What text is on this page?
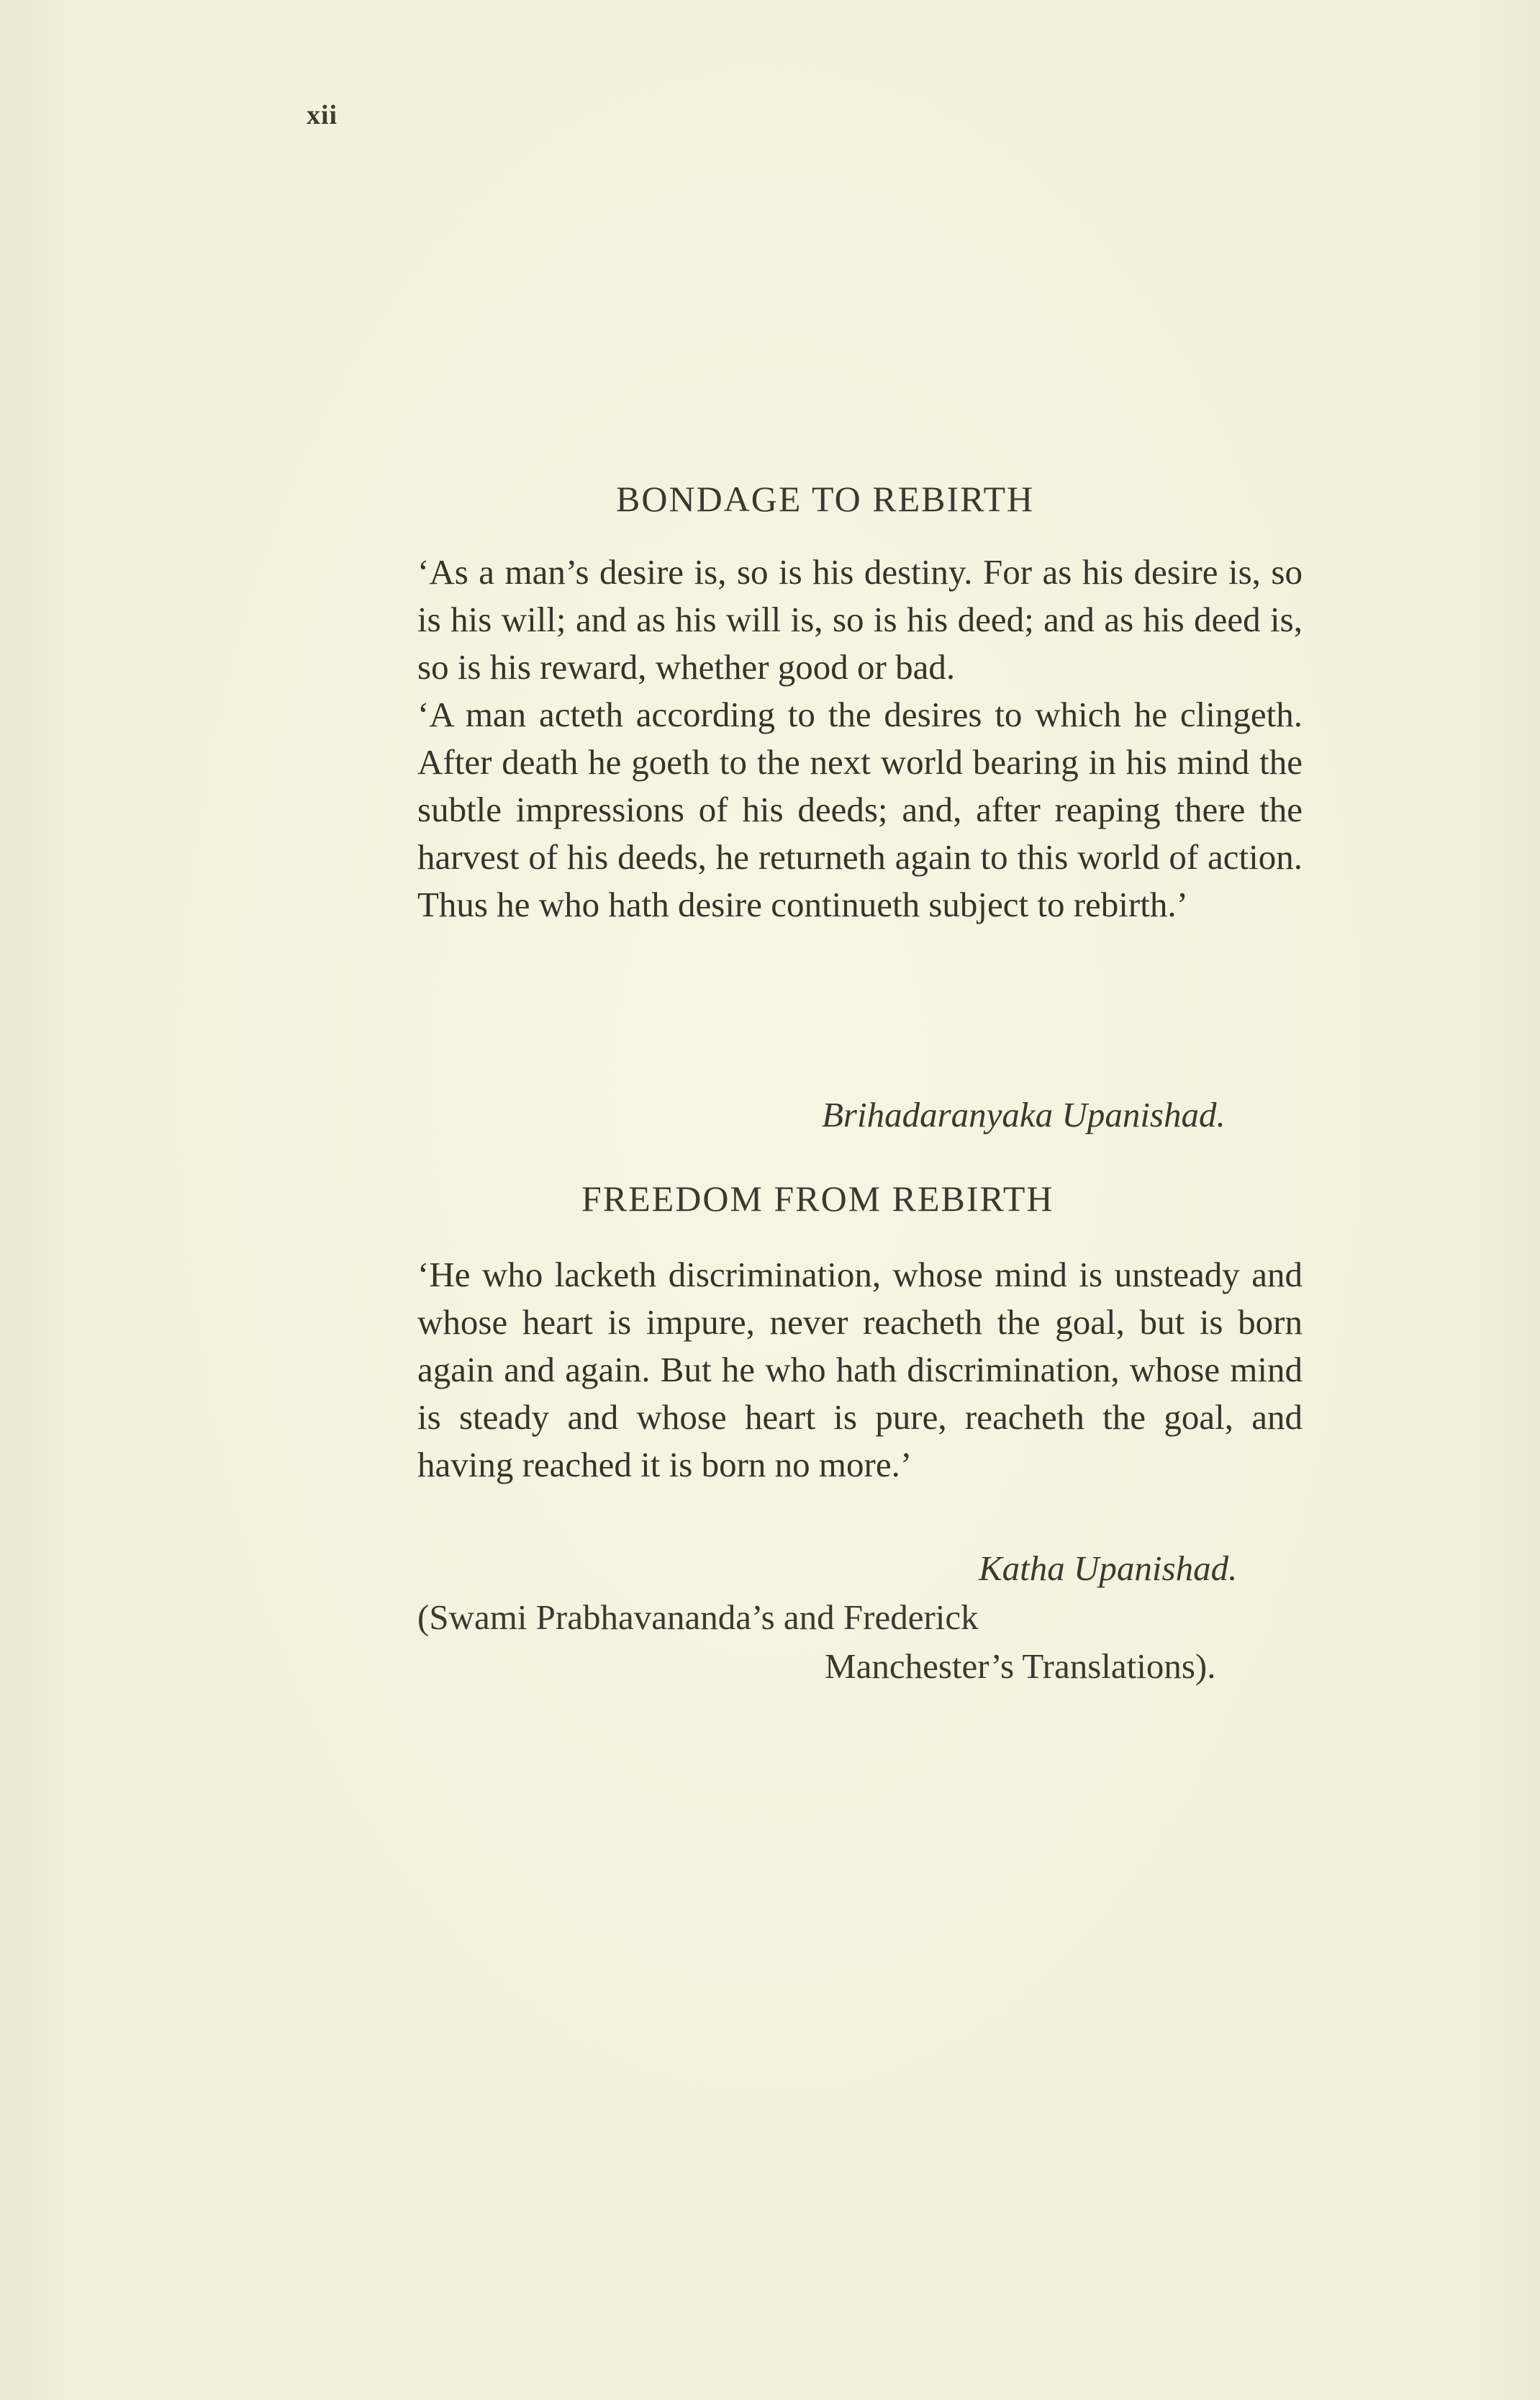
xii
BONDAGE TO REBIRTH

‘As a man’s desire is, so is his destiny. For as his desire is, so is his will; and as his will is, so is his deed; and as his deed is, so is his reward, whether good or bad.

‘A man acteth according to the desires to which he clingeth. After death he goeth to the next world bearing in his mind the subtle impressions of his deeds; and, after reaping there the harvest of his deeds, he returneth again to this world of action. Thus he who hath desire continueth subject to rebirth.’

Brihadaranyaka Upanishad.
FREEDOM FROM REBIRTH

‘He who lacketh discrimination, whose mind is unsteady and whose heart is impure, never reacheth the goal, but is born again and again. But he who hath discrimination, whose mind is steady and whose heart is pure, reacheth the goal, and having reached it is born no more.’

Katha Upanishad.
(Swami Prabhavananda’s and Frederick
Manchester’s Translations).
